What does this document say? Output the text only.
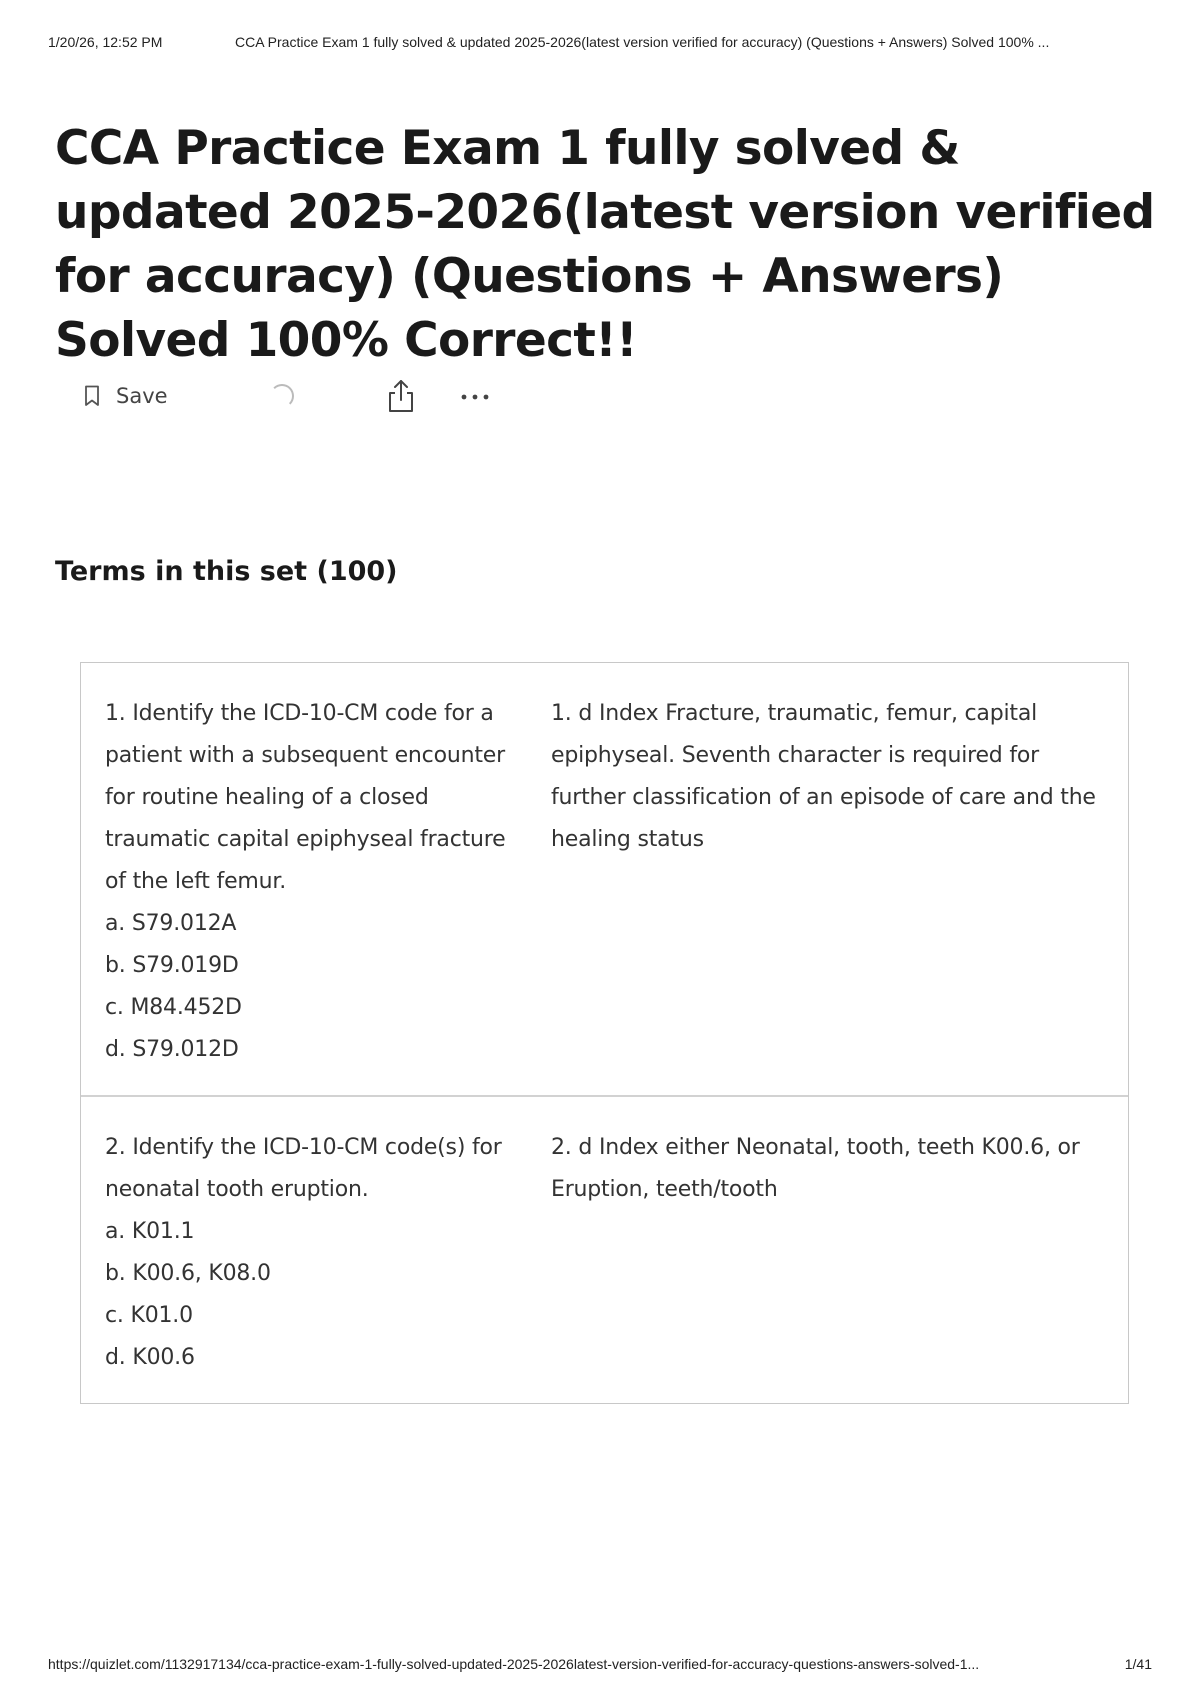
1/20/26, 12:52 PM	CCA Practice Exam 1 fully solved & updated 2025-2026(latest version verified for accuracy) (Questions + Answers) Solved 100% ...
CCA Practice Exam 1 fully solved & updated 2025-2026(latest version verified for accuracy) (Questions + Answers) Solved 100% Correct!!
Save
Terms in this set (100)
1. Identify the ICD-10-CM code for a patient with a subsequent encounter for routine healing of a closed traumatic capital epiphyseal fracture of the left femur.
a. S79.012A
b. S79.019D
c. M84.452D
d. S79.012D
1. d Index Fracture, traumatic, femur, capital epiphyseal. Seventh character is required for further classification of an episode of care and the healing status
2. Identify the ICD-10-CM code(s) for neonatal tooth eruption.
a. K01.1
b. K00.6, K08.0
c. K01.0
d. K00.6
2. d Index either Neonatal, tooth, teeth K00.6, or Eruption, teeth/tooth
https://quizlet.com/1132917134/cca-practice-exam-1-fully-solved-updated-2025-2026latest-version-verified-for-accuracy-questions-answers-solved-1...	1/41
